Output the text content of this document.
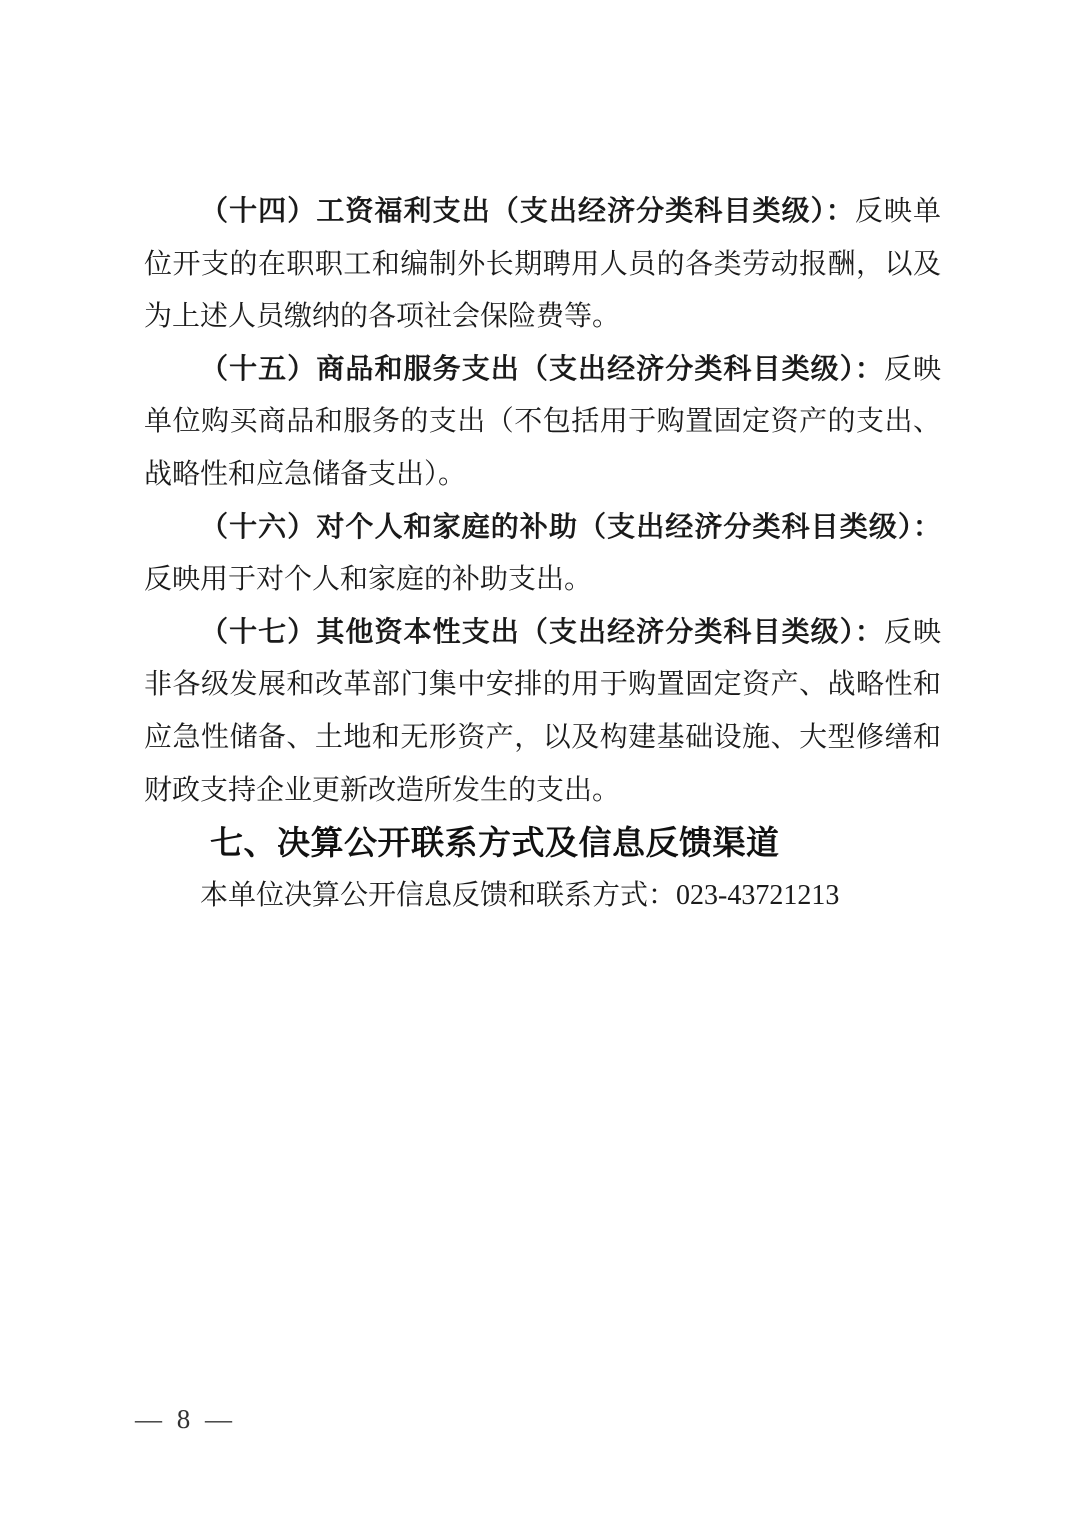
（十四）工资福利支出（支出经济分类科目类级）：反映单位开支的在职职工和编制外长期聘用人员的各类劳动报酬，以及为上述人员缴纳的各项社会保险费等。

（十五）商品和服务支出（支出经济分类科目类级）：反映单位购买商品和服务的支出（不包括用于购置固定资产的支出、战略性和应急储备支出）。

（十六）对个人和家庭的补助（支出经济分类科目类级）：反映用于对个人和家庭的补助支出。

（十七）其他资本性支出（支出经济分类科目类级）：反映非各级发展和改革部门集中安排的用于购置固定资产、战略性和应急性储备、土地和无形资产，以及构建基础设施、大型修缮和财政支持企业更新改造所发生的支出。

七、决算公开联系方式及信息反馈渠道

本单位决算公开信息反馈和联系方式：023-43721213

— 8 —
